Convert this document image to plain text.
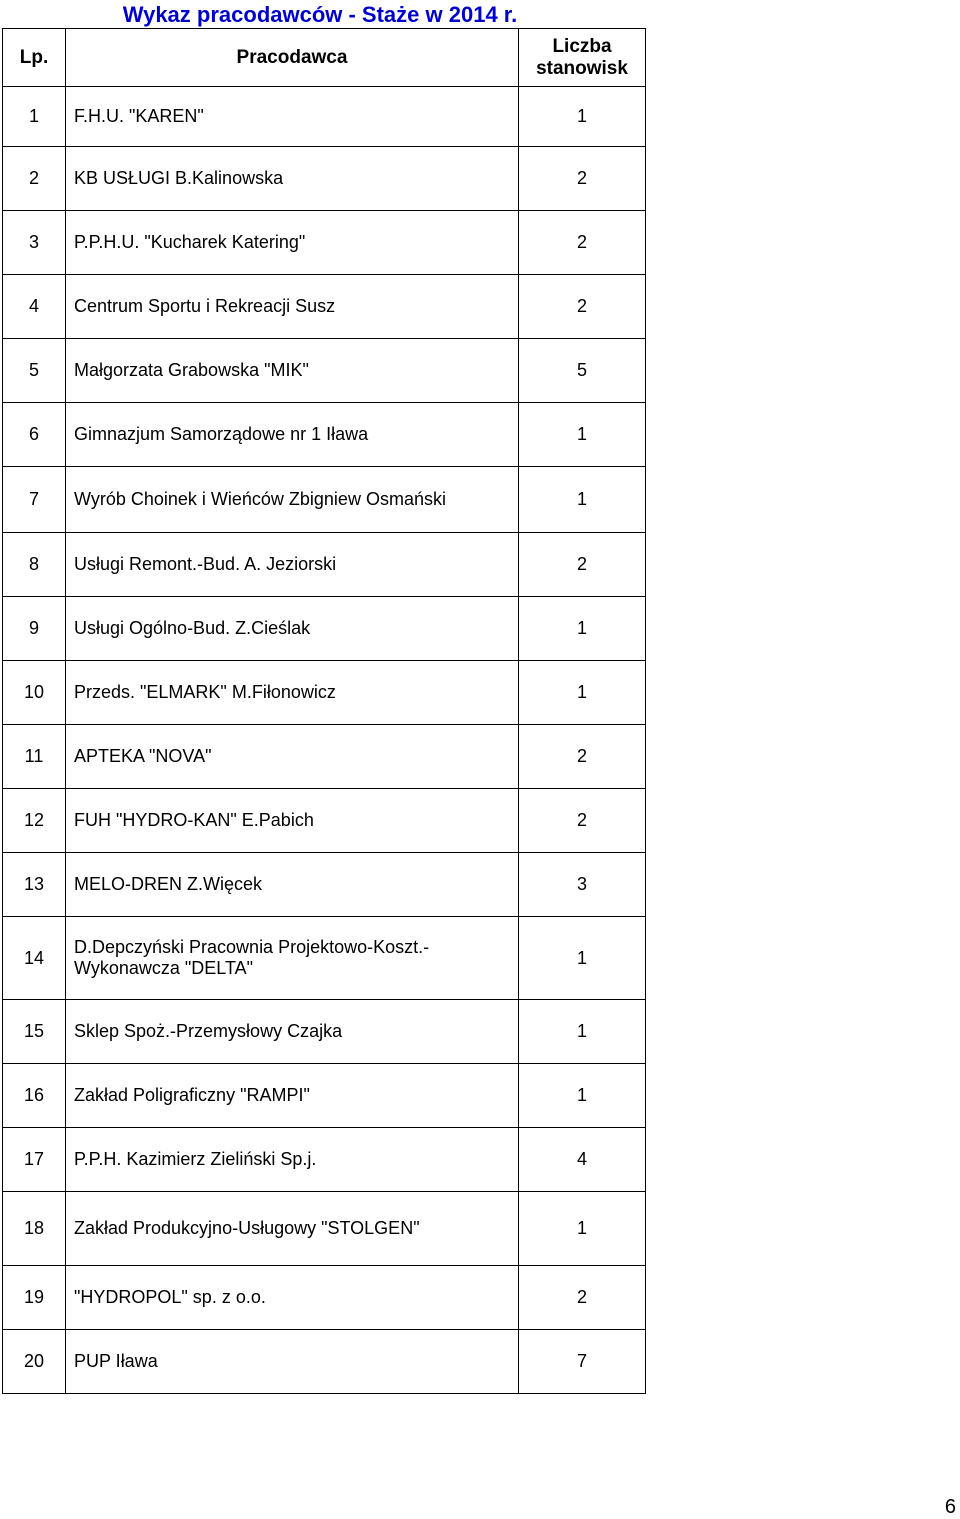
Wykaz pracodawców - Staże w 2014 r.
Lp.	Pracodawca	Liczba stanowisk
1	F.H.U. "KAREN"	1
2	KB USŁUGI B.Kalinowska	2
3	P.P.H.U. "Kucharek Katering"	2
4	Centrum Sportu i Rekreacji Susz	2
5	Małgorzata Grabowska "MIK"	5
6	Gimnazjum Samorządowe nr 1 Iława	1
7	Wyrób Choinek i Wieńców Zbigniew Osmański	1
8	Usługi Remont.-Bud. A. Jeziorski	2
9	Usługi Ogólno-Bud. Z.Cieślak	1
10	Przeds. "ELMARK" M.Fiłonowicz	1
11	APTEKA "NOVA"	2
12	FUH "HYDRO-KAN" E.Pabich	2
13	MELO-DREN Z.Więcek	3
14	D.Depczyński Pracownia Projektowo-Koszt.- Wykonawcza "DELTA"	1
15	Sklep Spoż.-Przemysłowy Czajka	1
16	Zakład Poligraficzny "RAMPI"	1
17	P.P.H. Kazimierz Zieliński Sp.j.	4
18	Zakład Produkcyjno-Usługowy "STOLGEN"	1
19	"HYDROPOL" sp. z o.o.	2
20	PUP Iława	7
6
